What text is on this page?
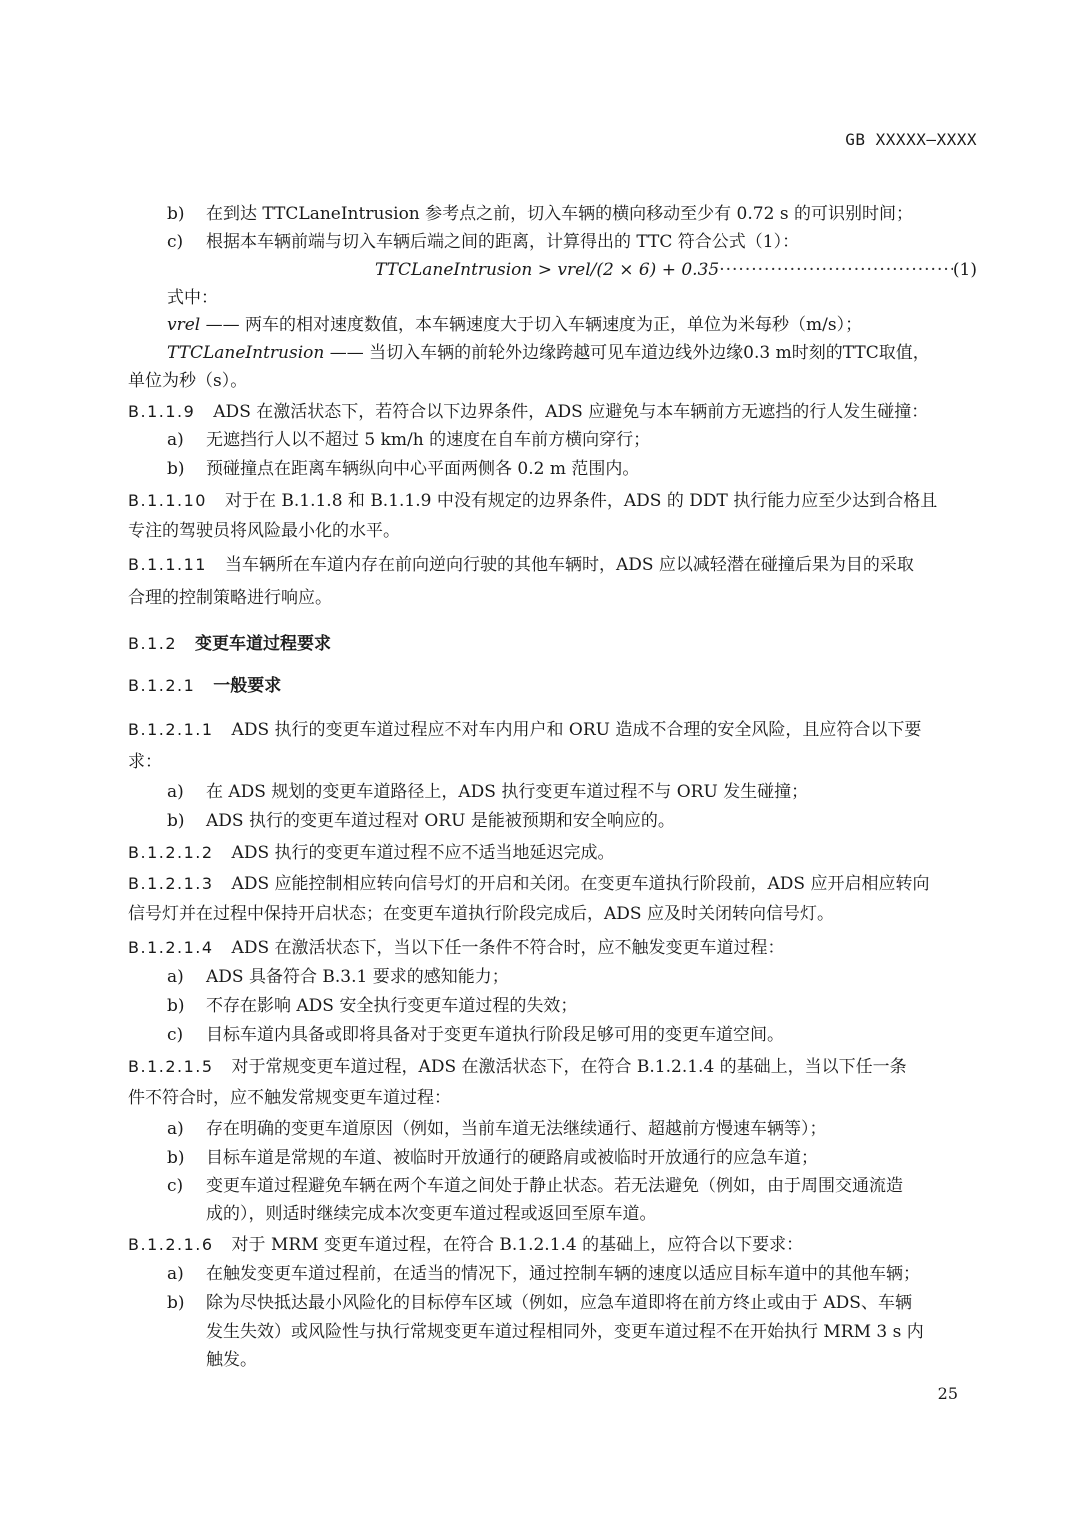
GB XXXXX—XXXX
b) 在到达 TTCLaneIntrusion 参考点之前，切入车辆的横向移动至少有 0.72 s 的可识别时间；
c) 根据本车辆前端与切入车辆后端之间的距离，计算得出的 TTC 符合公式（1）：
TTCLaneIntrusion > vrel/(2 × 6) + 0.35
·····	(1)
式中：
vrel —— 两车的相对速度数值，本车辆速度大于切入车辆速度为正，单位为米每秒（m/s）；
TTCLaneIntrusion —— 当切入车辆的前轮外边缘跨越可见车道边线外边缘0.3 m时刻的TTC取值，
单位为秒（s）。
B.1.1.9 ADS 在激活状态下，若符合以下边界条件，ADS 应避免与本车辆前方无遮挡的行人发生碰撞：
a) 无遮挡行人以不超过 5 km/h 的速度在自车前方横向穿行；
b) 预碰撞点在距离车辆纵向中心平面两侧各 0.2 m 范围内。
B.1.1.10 对于在 B.1.1.8 和 B.1.1.9 中没有规定的边界条件，ADS 的 DDT 执行能力应至少达到合格且
专注的驾驶员将风险最小化的水平。
B.1.1.11 当车辆所在车道内存在前向逆向行驶的其他车辆时，ADS 应以减轻潜在碰撞后果为目的采取
合理的控制策略进行响应。
B.1.2 变更车道过程要求
B.1.2.1 一般要求
B.1.2.1.1 ADS 执行的变更车道过程应不对车内用户和 ORU 造成不合理的安全风险，且应符合以下要
求：
a) 在 ADS 规划的变更车道路径上，ADS 执行变更车道过程不与 ORU 发生碰撞；
b) ADS 执行的变更车道过程对 ORU 是能被预期和安全响应的。
B.1.2.1.2 ADS 执行的变更车道过程不应不适当地延迟完成。
B.1.2.1.3 ADS 应能控制相应转向信号灯的开启和关闭。在变更车道执行阶段前，ADS 应开启相应转向
信号灯并在过程中保持开启状态；在变更车道执行阶段完成后，ADS 应及时关闭转向信号灯。
B.1.2.1.4 ADS 在激活状态下，当以下任一条件不符合时，应不触发变更车道过程：
a) ADS 具备符合 B.3.1 要求的感知能力；
b) 不存在影响 ADS 安全执行变更车道过程的失效；
c) 目标车道内具备或即将具备对于变更车道执行阶段足够可用的变更车道空间。
B.1.2.1.5 对于常规变更车道过程，ADS 在激活状态下，在符合 B.1.2.1.4 的基础上，当以下任一条
件不符合时，应不触发常规变更车道过程：
a) 存在明确的变更车道原因（例如，当前车道无法继续通行、超越前方慢速车辆等）；
b) 目标车道是常规的车道、被临时开放通行的硬路肩或被临时开放通行的应急车道；
c) 变更车道过程避免车辆在两个车道之间处于静止状态。若无法避免（例如，由于周围交通流造
成的），则适时继续完成本次变更车道过程或返回至原车道。
B.1.2.1.6 对于 MRM 变更车道过程，在符合 B.1.2.1.4 的基础上，应符合以下要求：
a) 在触发变更车道过程前，在适当的情况下，通过控制车辆的速度以适应目标车道中的其他车辆；
b) 除为尽快抵达最小风险化的目标停车区域（例如，应急车道即将在前方终止或由于 ADS、车辆
发生失效）或风险性与执行常规变更车道过程相同外，变更车道过程不在开始执行 MRM 3 s 内
触发。
25
